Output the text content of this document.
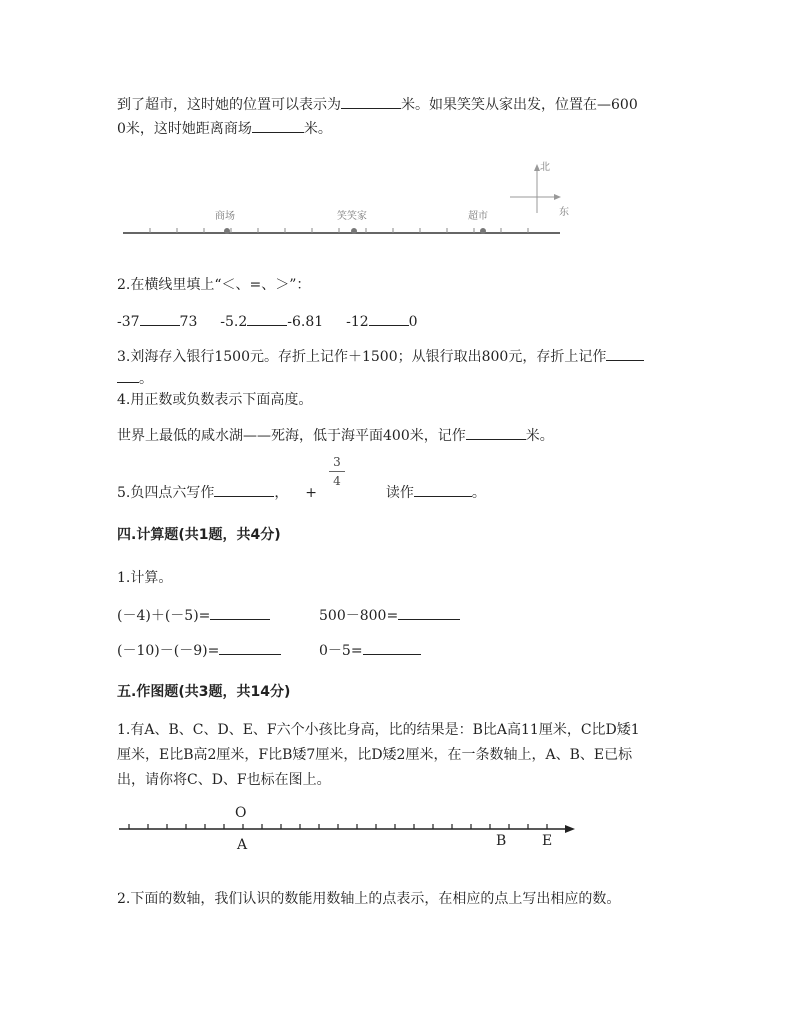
到了超市，这时她的位置可以表示为	米。如果笑笑从家出发，位置在—600
0米，这时她距离商场	米。
商场	笑笑家	超市
北
东
2.在横线里填上“＜、=、＞”：
-37	73 -5.2	-6.81 -12	0
3.刘海存入银行1500元。存折上记作＋1500；从银行取出800元，存折上记作
。
4.用正数或负数表示下面高度。
世界上最低的咸水湖——死海，低于海平面400米，记作	米。
5.负四点六写作	， +	读作	。
3
4
四.计算题(共1题，共4分)
1.计算。
(－4)＋(－5)=	500－800=
(－10)－(－9)=	0－5=
五.作图题(共3题，共14分)
1.有A、B、C、D、E、F六个小孩比身高，比的结果是：B比A高11厘米，C比D矮1
厘米，E比B高2厘米，F比B矮7厘米，比D矮2厘米，在一条数轴上，A、B、E已标
出，请你将C、D、F也标在图上。
O
A	B	E
2.下面的数轴，我们认识的数能用数轴上的点表示，在相应的点上写出相应的数。
